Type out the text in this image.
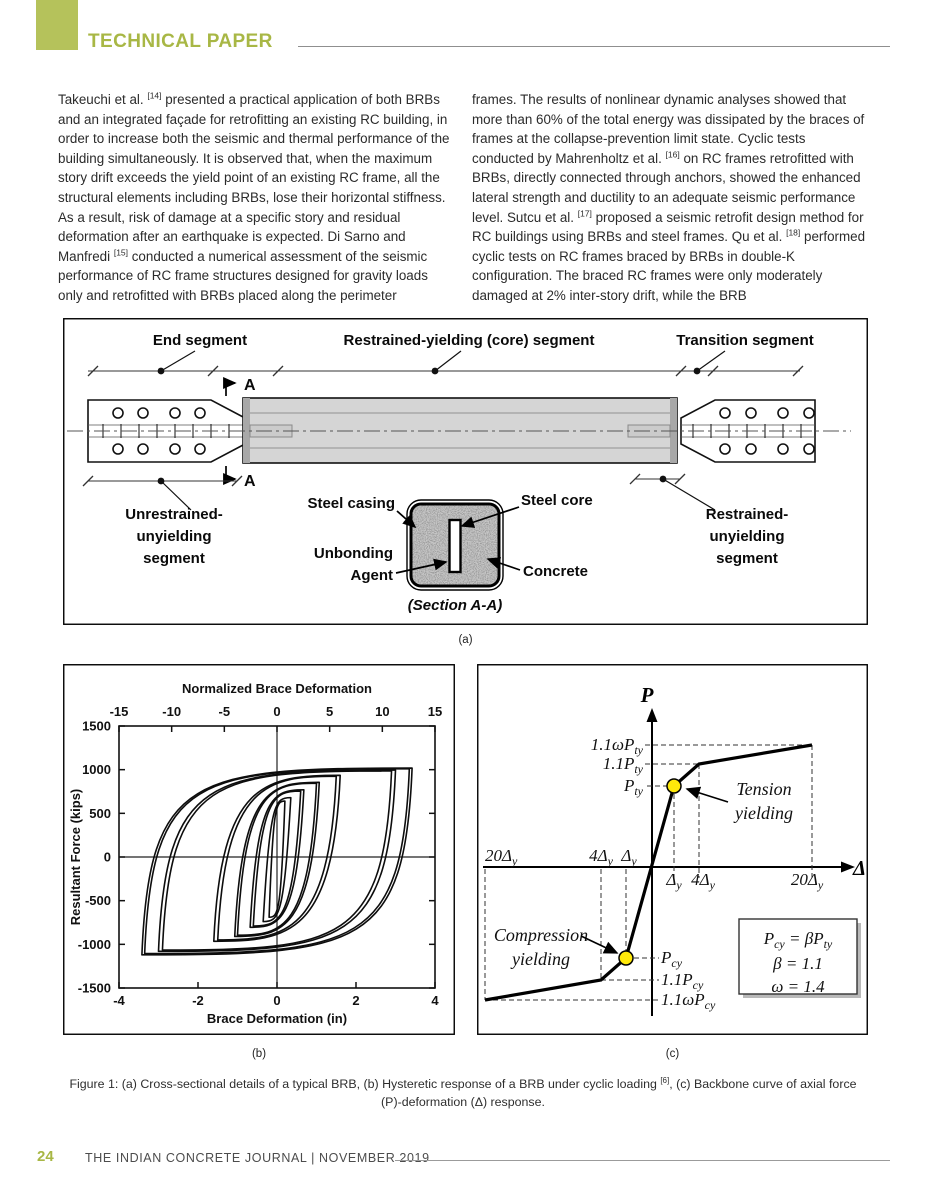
TECHNICAL PAPER

Takeuchi et al. [14] presented a practical application of both BRBs and an integrated façade for retrofitting an existing RC building, in order to increase both the seismic and thermal performance of the building simultaneously. It is observed that, when the maximum story drift exceeds the yield point of an existing RC frame, all the structural elements including BRBs, lose their horizontal stiffness. As a result, risk of damage at a specific story and residual deformation after an earthquake is expected. Di Sarno and Manfredi [15] conducted a numerical assessment of the seismic performance of RC frame structures designed for gravity loads only and retrofitted with BRBs placed along the perimeter

frames. The results of nonlinear dynamic analyses showed that more than 60% of the total energy was dissipated by the braces of frames at the collapse-prevention limit state. Cyclic tests conducted by Mahrenholtz et al. [16] on RC frames retrofitted with BRBs, directly connected through anchors, showed the enhanced lateral strength and ductility to an adequate seismic performance level. Sutcu et al. [17] proposed a seismic retrofit design method for RC buildings using BRBs and steel frames. Qu et al. [18] performed cyclic tests on RC frames braced by BRBs in double-K configuration. The braced RC frames were only moderately damaged at 2% inter-story drift, while the BRB

End segment	Restrained-yielding (core) segment	Transition segment
A
A
Unrestrained-
unyielding
segment
Restrained-
unyielding
segment
Steel casing	Steel core
Unbonding
Agent	Concrete
(Section A-A)
(a)
Normalized Brace Deformation
Brace Deformation (in)
Resultant Force (kips)
-15	-10	-5	0	5	10	15
-4	-2	0	2	4
1500
1000
500
0
-500
-1000
-1500
(b)
P
Δ
$1.1\omega P_{ty}$
$1.1P_{ty}$
$P_{ty}$
$P_{cy}$
$1.1P_{cy}$
$1.1\omega P_{cy}$
$20\Delta_y$	$4\Delta_y$ $\Delta_y$
$\Delta_y$ $4\Delta_y$	$20\Delta_y$
Tension
yielding
Compression
yielding
$P_{cy} = \beta P_{ty}$
β = 1.1
ω = 1.4
(c)
Figure 1: (a) Cross-sectional details of a typical BRB, (b) Hysteretic response of a BRB under cyclic loading [6], (c) Backbone curve of axial force (P)-deformation (Δ) response.
24	THE INDIAN CONCRETE JOURNAL | NOVEMBER 2019
